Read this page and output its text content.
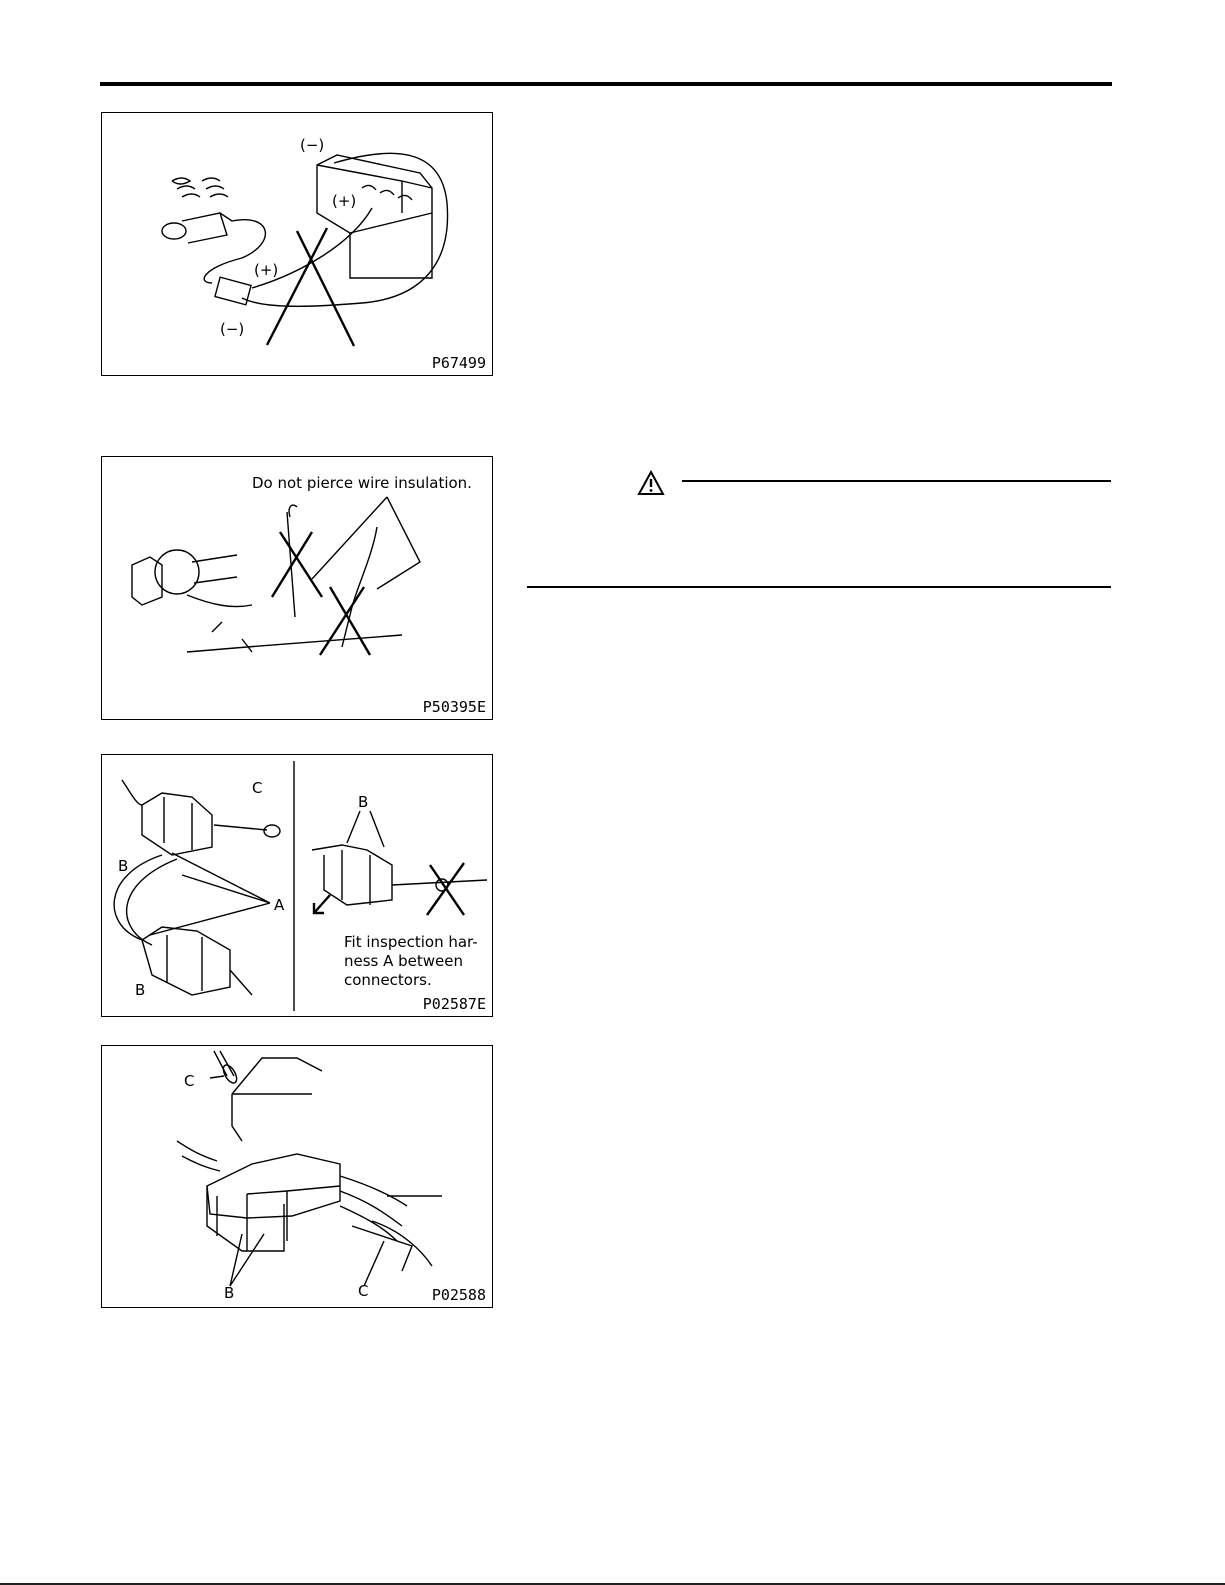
(−)
(+)
(+)
(−)
P67499
Do not pierce wire insulation.
P50395E
C
B
A
B
B
Fit inspection har-
ness A between
connectors.
P02587E
C
B	C	P02588
